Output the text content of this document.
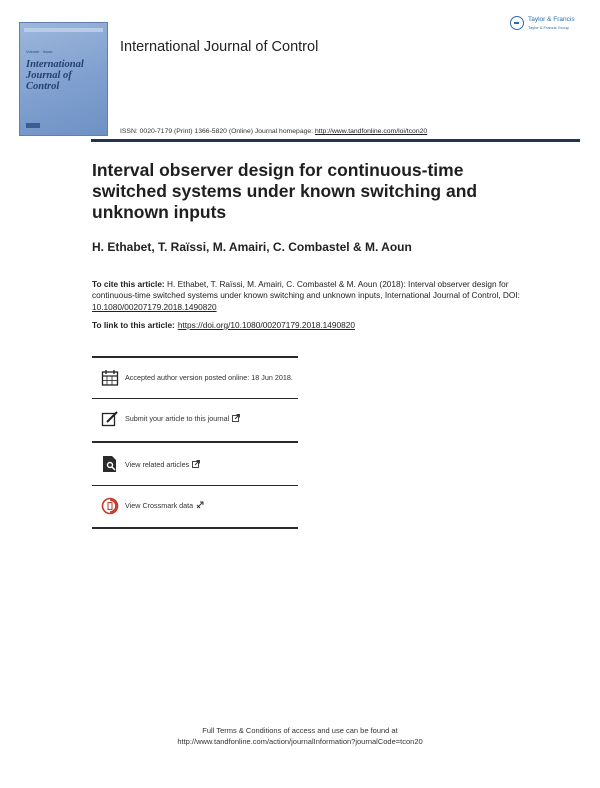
Volume · Issue
International Journal of Control
International Journal of Control
Taylor & Francis
Taylor & Francis Group
ISSN: 0020-7179 (Print) 1366-5820 (Online) Journal homepage: http://www.tandfonline.com/loi/tcon20
Interval observer design for continuous-time switched systems under known switching and unknown inputs
H. Ethabet, T. Raïssi, M. Amairi, C. Combastel & M. Aoun
To cite this article: H. Ethabet, T. Raïssi, M. Amairi, C. Combastel & M. Aoun (2018): Interval observer design for continuous-time switched systems under known switching and unknown inputs, International Journal of Control, DOI: 10.1080/00207179.2018.1490820
To link to this article: https://doi.org/10.1080/00207179.2018.1490820
Accepted author version posted online: 18 Jun 2018.
Submit your article to this journal
View related articles
View Crossmark data
Full Terms & Conditions of access and use can be found at
http://www.tandfonline.com/action/journalInformation?journalCode=tcon20
